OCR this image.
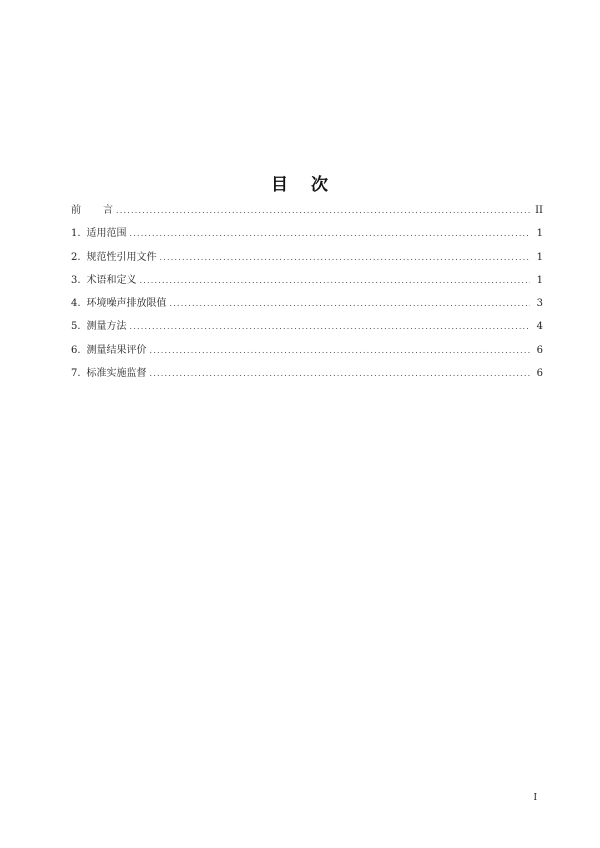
目 次
前 言 .....	II
1. 适用范围 .....	1
2. 规范性引用文件 .....	1
3. 术语和定义 .....	1
4. 环境噪声排放限值 .....	3
5. 测量方法 .....	4
6. 测量结果评价 .....	6
7. 标准实施监督 .....	6
I
